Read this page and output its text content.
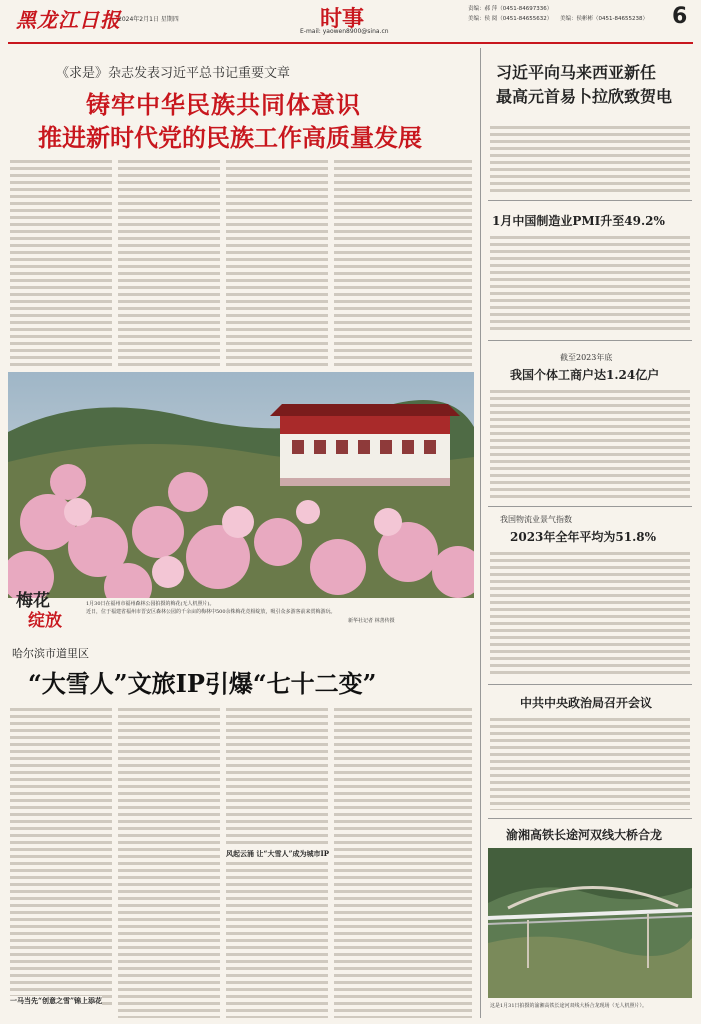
黑龙江日报
2024年2月1日 星期四	时事
E-mail: yaowen8900@sina.cn
责编：郝 萍（0451-84697336）
美编：侯 阅（0451-84655632） 美编：侯彬彬（0451-84655238） 6
《求是》杂志发表习近平总书记重要文章
铸牢中华民族共同体意识
推进新时代党的民族工作高质量发展
梅花
绽放
1月30日在福州市福州森林公园拍摄的梅花(无人机照片)。
近日，位于福建省福州市晋安区森林公园的千余亩的梅林中500余株梅花竞相绽放，吸引众多游客前来赏梅游玩。
新华社记者 林善传摄
哈尔滨市道里区
“大雪人”文旅IP引爆“七十二变”
一马当先“创意之雪”锦上添花
风起云涌 让“大雪人”成为城市IP
习近平向马来西亚新任
最高元首易卜拉欣致贺电
1月中国制造业PMI升至49.2%
截至2023年底
我国个体工商户达1.24亿户
我国物流业景气指数
2023年全年平均为51.8%
中共中央政治局召开会议
渝湘高铁长途河双线大桥合龙
这是1月31日拍摄的渝湘高铁长途河双线大桥合龙现场（无人机照片）。
